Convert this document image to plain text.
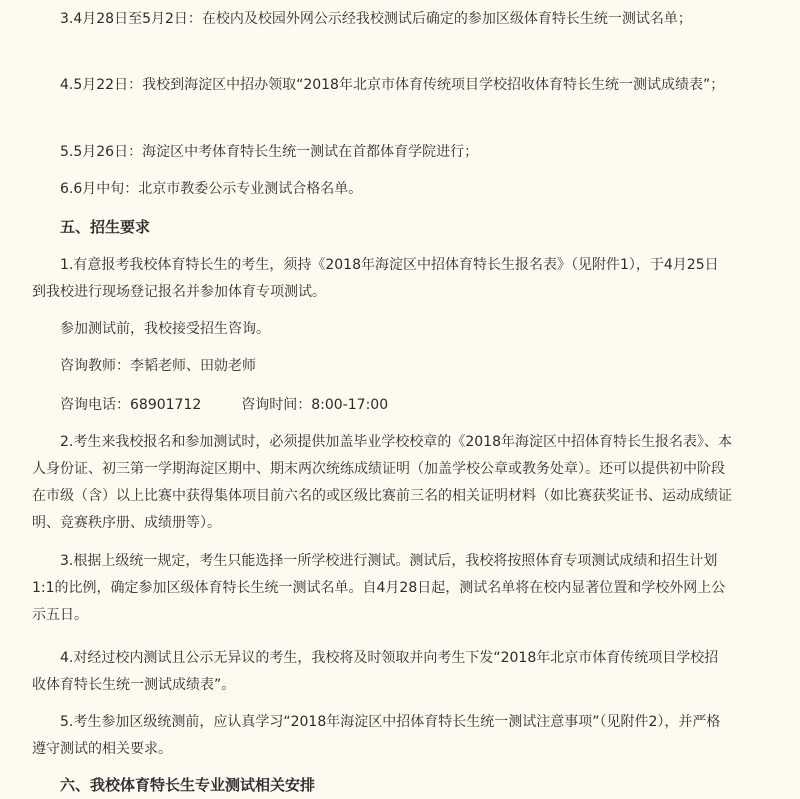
3.4月28日至5月2日：在校内及校园外网公示经我校测试后确定的参加区级体育特长生统一测试名单；

4.5月22日：我校到海淀区中招办领取“2018年北京市体育传统项目学校招收体育特长生统一测试成绩表”；

5.5月26日：海淀区中考体育特长生统一测试在首都体育学院进行；

6.6月中旬：北京市教委公示专业测试合格名单。

五、招生要求

1.有意报考我校体育特长生的考生，须持《2018年海淀区中招体育特长生报名表》（见附件1），于4月25日到我校进行现场登记报名并参加体育专项测试。

参加测试前，我校接受招生咨询。

咨询教师：李韬老师、田勍老师

咨询电话：68901712	咨询时间：8:00-17:00

2.考生来我校报名和参加测试时，必须提供加盖毕业学校校章的《2018年海淀区中招体育特长生报名表》、本人身份证、初三第一学期海淀区期中、期末两次统练成绩证明（加盖学校公章或教务处章）。还可以提供初中阶段在市级（含）以上比赛中获得集体项目前六名的或区级比赛前三名的相关证明材料（如比赛获奖证书、运动成绩证明、竞赛秩序册、成绩册等）。

3.根据上级统一规定，考生只能选择一所学校进行测试。测试后，我校将按照体育专项测试成绩和招生计划1:1的比例，确定参加区级体育特长生统一测试名单。自4月28日起，测试名单将在校内显著位置和学校外网上公示五日。

4.对经过校内测试且公示无异议的考生，我校将及时领取并向考生下发“2018年北京市体育传统项目学校招收体育特长生统一测试成绩表”。

5.考生参加区级统测前，应认真学习“2018年海淀区中招体育特长生统一测试注意事项”（见附件2），并严格遵守测试的相关要求。

六、我校体育特长生专业测试相关安排
